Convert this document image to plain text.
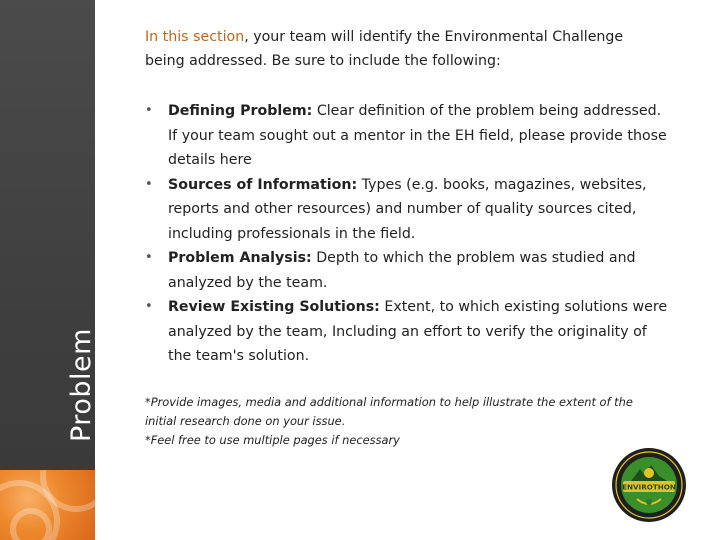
Problem
In this section, your team will identify the Environmental Challenge being addressed. Be sure to include the following:
• Defining Problem: Clear definition of the problem being addressed. If your team sought out a mentor in the EH field, please provide those details here
• Sources of Information: Types (e.g. books, magazines, websites, reports and other resources) and number of quality sources cited, including professionals in the field.
• Problem Analysis: Depth to which the problem was studied and analyzed by the team.
• Review Existing Solutions: Extent, to which existing solutions were analyzed by the team, Including an effort to verify the originality of the team's solution.
*Provide images, media and additional information to help illustrate the extent of the initial research done on your issue.
*Feel free to use multiple pages if necessary
ENVIROTHON
